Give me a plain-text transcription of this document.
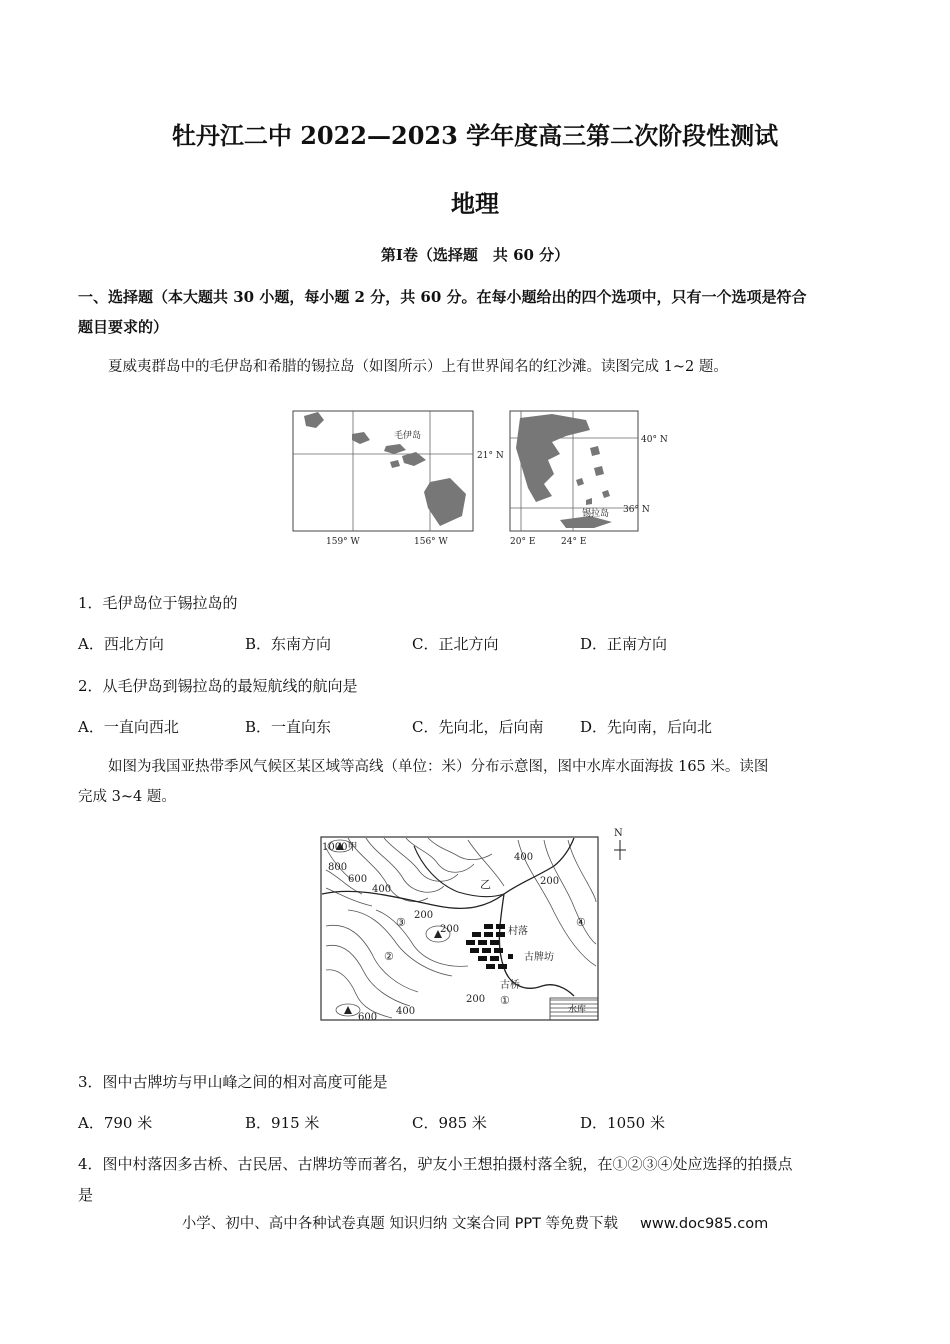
牡丹江二中 2022—2023 学年度高三第二次阶段性测试
地理
第Ⅰ卷（选择题　共 60 分）
一、选择题（本大题共 30 小题，每小题 2 分，共 60 分。在每小题给出的四个选项中，只有一个选项是符合
题目要求的）
夏威夷群岛中的毛伊岛和希腊的锡拉岛（如图所示）上有世界闻名的红沙滩。读图完成 1~2 题。
毛伊岛
21° N
159° W	156° W
40° N
36° N
锡拉岛
20° E	24° E
1．毛伊岛位于锡拉岛的
A．西北方向	B．东南方向	C．正北方向	D．正南方向
2．从毛伊岛到锡拉岛的最短航线的航向是
A．一直向西北	B．一直向东	C．先向北，后向南 D．先向南，后向北
如图为我国亚热带季风气候区某区域等高线（单位：米）分布示意图，图中水库水面海拔 165 米。读图
完成 3~4 题。
N
1000甲
800
600
400
400
200
200
200
200
400
600
乙
村落
古牌坊
古桥
水库
①
②
③	④
3．图中古牌坊与甲山峰之间的相对高度可能是
A．790 米	B．915 米	C．985 米	D．1050 米
4．图中村落因多古桥、古民居、古牌坊等而著名，驴友小王想拍摄村落全貌，在①②③④处应选择的拍摄点
是
小学、初中、高中各种试卷真题 知识归纳 文案合同 PPT 等免费下载 www.doc985.com
